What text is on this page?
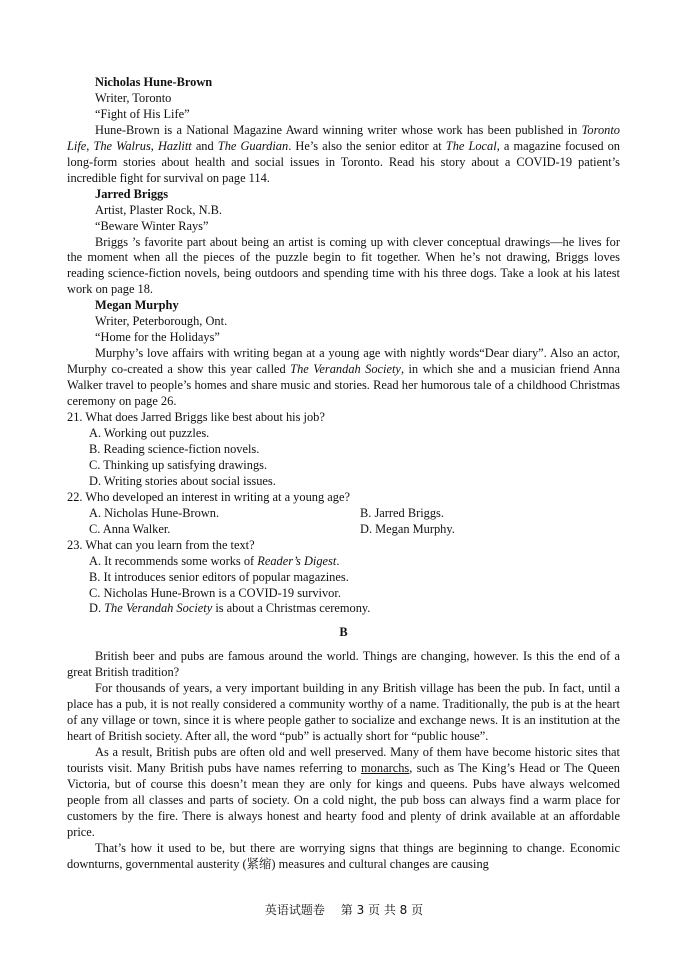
Nicholas Hune-Brown

Writer, Toronto

“Fight of His Life”

Hune-Brown is a National Magazine Award winning writer whose work has been published in Toronto Life, The Walrus, Hazlitt and The Guardian. He’s also the senior editor at The Local, a magazine focused on long-form stories about health and social issues in Toronto. Read his story about a COVID-19 patient’s incredible fight for survival on page 114.

Jarred Briggs

Artist, Plaster Rock, N.B.

“Beware Winter Rays”

Briggs ’s favorite part about being an artist is coming up with clever conceptual drawings—he lives for the moment when all the pieces of the puzzle begin to fit together. When he’s not drawing, Briggs loves reading science-fiction novels, being outdoors and spending time with his three dogs. Take a look at his latest work on page 18.

Megan Murphy

Writer, Peterborough, Ont.

“Home for the Holidays”

Murphy’s love affairs with writing began at a young age with nightly words“Dear diary”. Also an actor, Murphy co-created a show this year called The Verandah Society, in which she and a musician friend Anna Walker travel to people’s homes and share music and stories. Read her humorous tale of a childhood Christmas ceremony on page 26.

21. What does Jarred Briggs like best about his job?

A. Working out puzzles.

B. Reading science-fiction novels.

C. Thinking up satisfying drawings.

D. Writing stories about social issues.

22. Who developed an interest in writing at a young age?

A. Nicholas Hune-Brown.	B. Jarred Briggs.

C. Anna Walker.	D. Megan Murphy.

23. What can you learn from the text?

A. It recommends some works of Reader’s Digest.

B. It introduces senior editors of popular magazines.

C. Nicholas Hune-Brown is a COVID-19 survivor.

D. The Verandah Society is about a Christmas ceremony.

B

British beer and pubs are famous around the world. Things are changing, however. Is this the end of a great British tradition?

For thousands of years, a very important building in any British village has been the pub. In fact, until a place has a pub, it is not really considered a community worthy of a name. Traditionally, the pub is at the heart of any village or town, since it is where people gather to socialize and exchange news. It is an institution at the heart of British society. After all, the word “pub” is actually short for “public house”.

As a result, British pubs are often old and well preserved. Many of them have become historic sites that tourists visit. Many British pubs have names referring to monarchs, such as The King’s Head or The Queen Victoria, but of course this doesn’t mean they are only for kings and queens. Pubs have always welcomed people from all classes and parts of society. On a cold night, the pub boss can always find a warm place for customers by the fire. There is always honest and hearty food and plenty of drink available at an affordable price.

That’s how it used to be, but there are worrying signs that things are beginning to change. Economic downturns, governmental austerity (紧缩) measures and cultural changes are causing

英语试题卷 第 3 页 共 8 页
